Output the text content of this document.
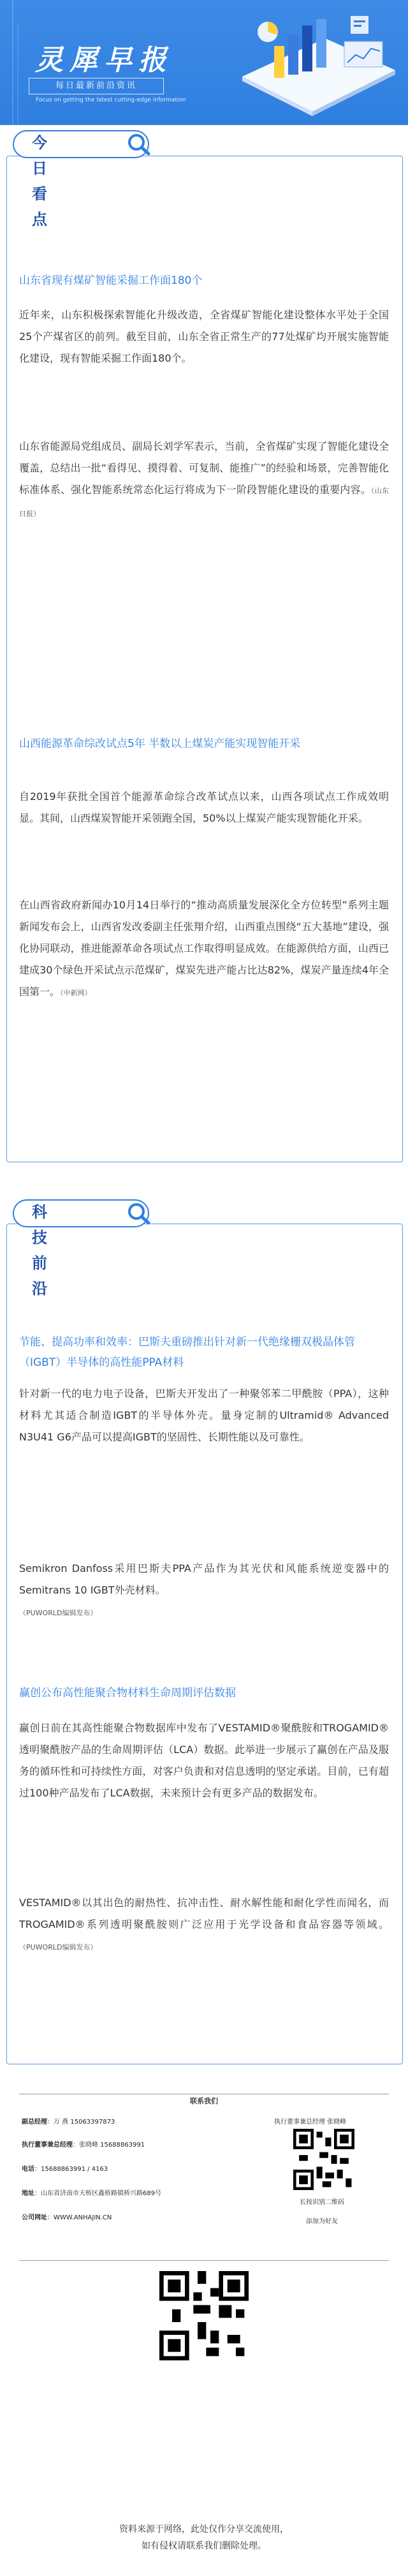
灵犀早报
每日最新前沿资讯
Focus on getting the latest cutting-edge information
今日看点
山东省现有煤矿智能采掘工作面180个
近年来，山东积极探索智能化升级改造，全省煤矿智能化建设整体水平处于全国25个产煤省区的前列。截至目前，山东全省正常生产的77处煤矿均开展实施智能化建设，现有智能采掘工作面180个。
山东省能源局党组成员、副局长刘学军表示，当前，全省煤矿实现了智能化建设全覆盖，总结出一批“看得见、摸得着、可复制、能推广”的经验和场景，完善智能化标准体系、强化智能系统常态化运行将成为下一阶段智能化建设的重要内容。（山东日报）
山西能源革命综改试点5年 半数以上煤炭产能实现智能开采
自2019年获批全国首个能源革命综合改革试点以来，山西各项试点工作成效明显。其间，山西煤炭智能开采领跑全国，50%以上煤炭产能实现智能化开采。
在山西省政府新闻办10月14日举行的“推动高质量发展深化全方位转型”系列主题新闻发布会上，山西省发改委副主任张翔介绍，山西重点围绕“五大基地”建设，强化协同联动，推进能源革命各项试点工作取得明显成效。在能源供给方面，山西已建成30个绿色开采试点示范煤矿，煤炭先进产能占比达82%，煤炭产量连续4年全国第一。（中新网）
科技前沿
节能、提高功率和效率：巴斯夫重磅推出针对新一代绝缘栅双极晶体管（IGBT）半导体的高性能PPA材料
针对新一代的电力电子设备，巴斯夫开发出了一种聚邻苯二甲酰胺（PPA），这种材料尤其适合制造IGBT的半导体外壳。量身定制的Ultramid® Advanced N3U41 G6产品可以提高IGBT的坚固性、长期性能以及可靠性。
Semikron Danfoss采用巴斯夫PPA产品作为其光伏和风能系统逆变器中的Semitrans 10 IGBT外壳材料。
（PUWORLD编辑发布）
赢创公布高性能聚合物材料生命周期评估数据
赢创日前在其高性能聚合物数据库中发布了VESTAMID®聚酰胺和TROGAMID®透明聚酰胺产品的生命周期评估（LCA）数据。此举进一步展示了赢创在产品及服务的循环性和可持续性方面，对客户负责和对信息透明的坚定承诺。目前，已有超过100种产品发布了LCA数据，未来预计会有更多产品的数据发布。
VESTAMID®以其出色的耐热性、抗冲击性、耐水解性能和耐化学性而闻名，而TROGAMID®系列透明聚酰胺则广泛应用于光学设备和食品容器等领域。（PUWORLD编辑发布）
联系我们
副总经理：万 燕 15063397873
执行董事兼总经理：张晓峰 15688863991
电话：15688863991 / 4163
地址：山东省济南市天桥区鑫桥路镇桥兴路689号
公司网址：WWW.ANHAJIN.CN
执行董事兼总经理 张晓峰
长按识别二维码
添加为好友
资料来源于网络，此处仅作分享交流使用，
如有侵权请联系我们删除处理。
